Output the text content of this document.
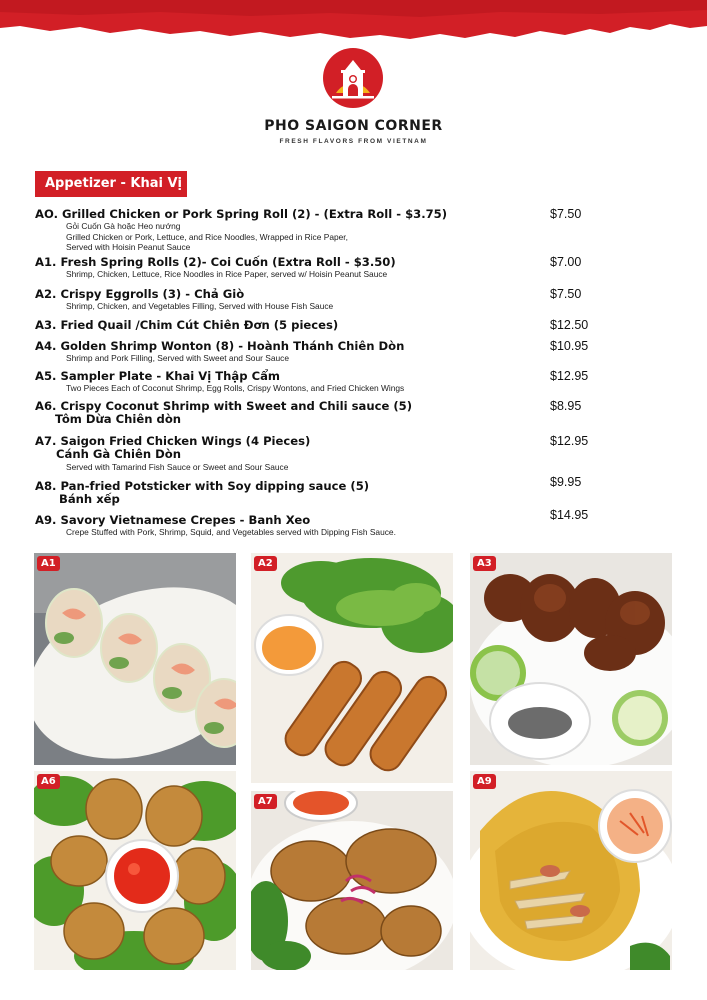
PHO SAIGON CORNER
FRESH FLAVORS FROM VIETNAM
Appetizer - Khai Vị
AO. Grilled Chicken or Pork Spring Roll (2) - (Extra Roll - $3.75)
Gỏi Cuốn Gà hoặc Heo nướng
Grilled Chicken or Pork, Lettuce, and Rice Noodles, Wrapped in Rice Paper,
Served with Hoisin Peanut Sauce
$7.50
A1. Fresh Spring Rolls (2)- Coi Cuốn (Extra Roll - $3.50)
Shrimp, Chicken, Lettuce, Rice Noodles in Rice Paper, served w/ Hoisin Peanut Sauce
$7.00
A2. Crispy Eggrolls (3) - Chả Giò
Shrimp, Chicken, and Vegetables Filling, Served with House Fish Sauce
$7.50
A3. Fried Quail /Chim Cút Chiên Đơn (5 pieces)	$12.50
A4. Golden Shrimp Wonton (8) - Hoành Thánh Chiên Dòn
Shrimp and Pork Filling, Served with Sweet and Sour Sauce
$10.95
A5. Sampler Plate - Khai Vị Thập Cẩm
Two Pieces Each of Coconut Shrimp, Egg Rolls, Crispy Wontons, and Fried Chicken Wings
$12.95
A6. Crispy Coconut Shrimp with Sweet and Chili sauce (5)
Tôm Dừa Chiên dòn
$8.95
A7. Saigon Fried Chicken Wings (4 Pieces)
Cánh Gà Chiên Dòn
Served with Tamarind Fish Sauce or Sweet and Sour Sauce
$12.95
A8. Pan-fried Potsticker with Soy dipping sauce (5)
Bánh xếp
$9.95
A9. Savory Vietnamese Crepes - Banh Xeo
Crepe Stuffed with Pork, Shrimp, Squid, and Vegetables served with Dipping Fish Sauce.
$14.95
A1	A2	A3
A6
A7
A9
